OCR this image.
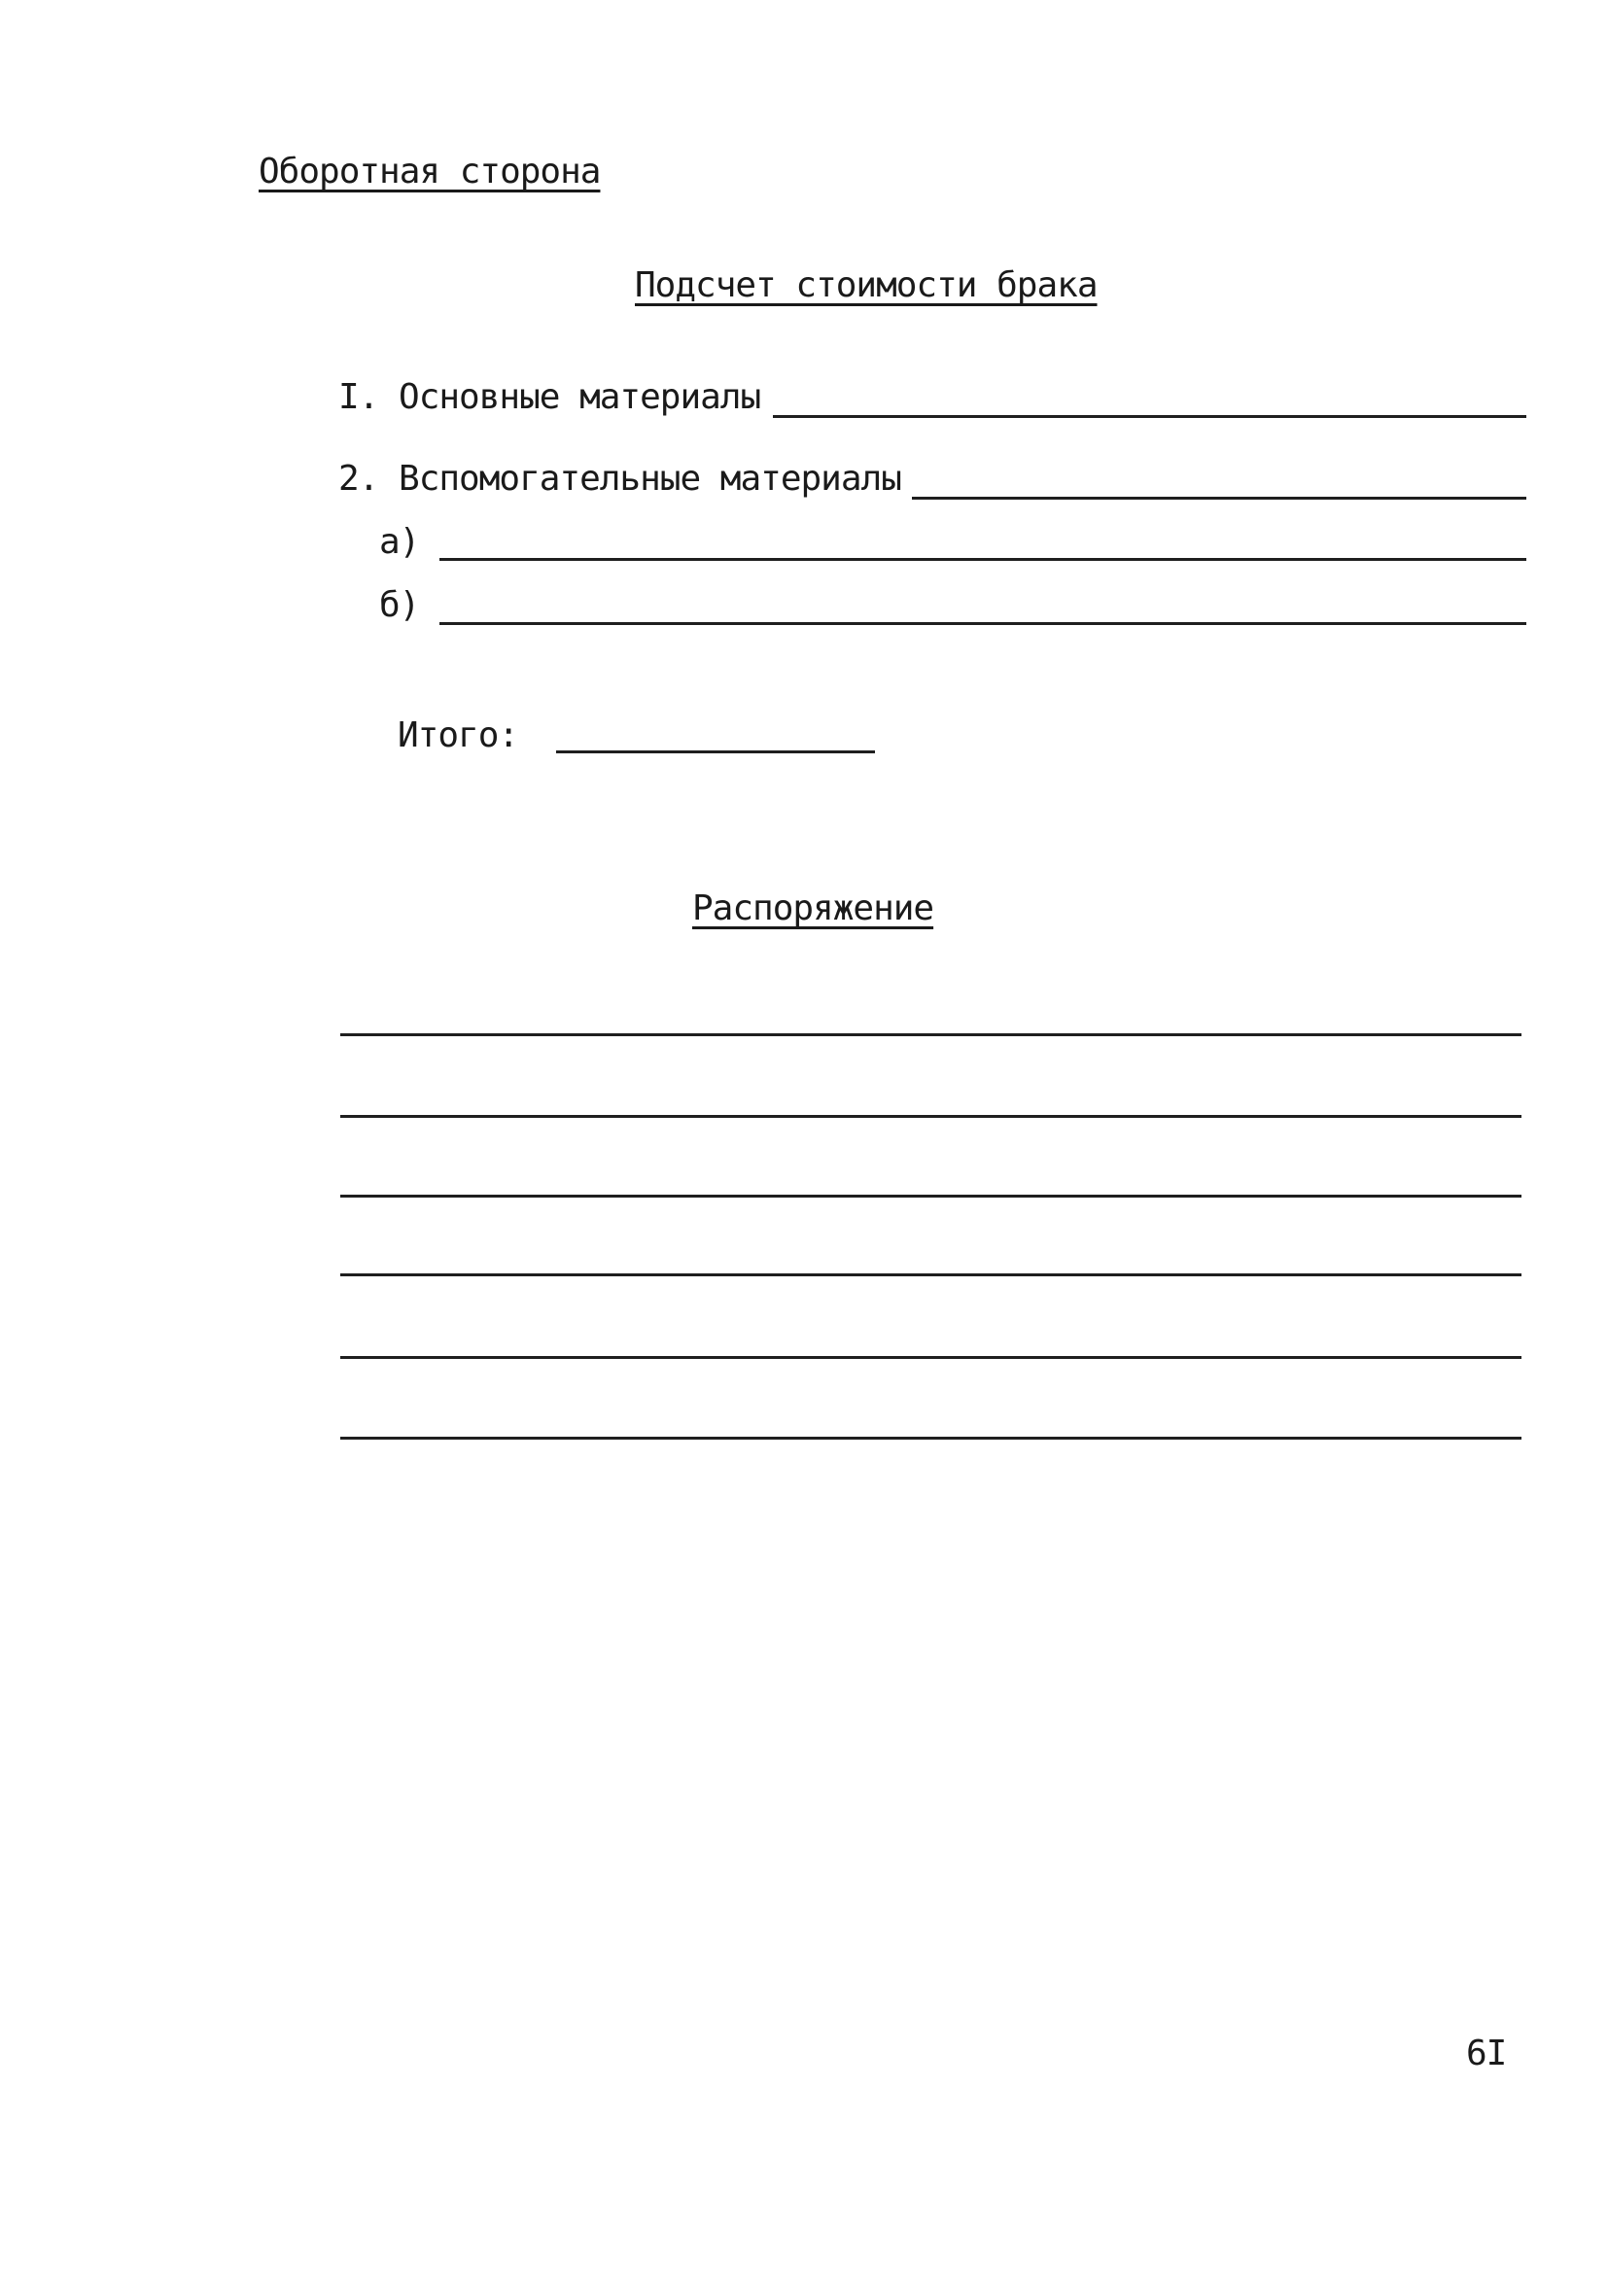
Оборотная сторона
Подсчет стоимости брака
I. Основные материалы
2. Вспомогательные материалы
а)
б)
Итого:
Распоряжение
6I
